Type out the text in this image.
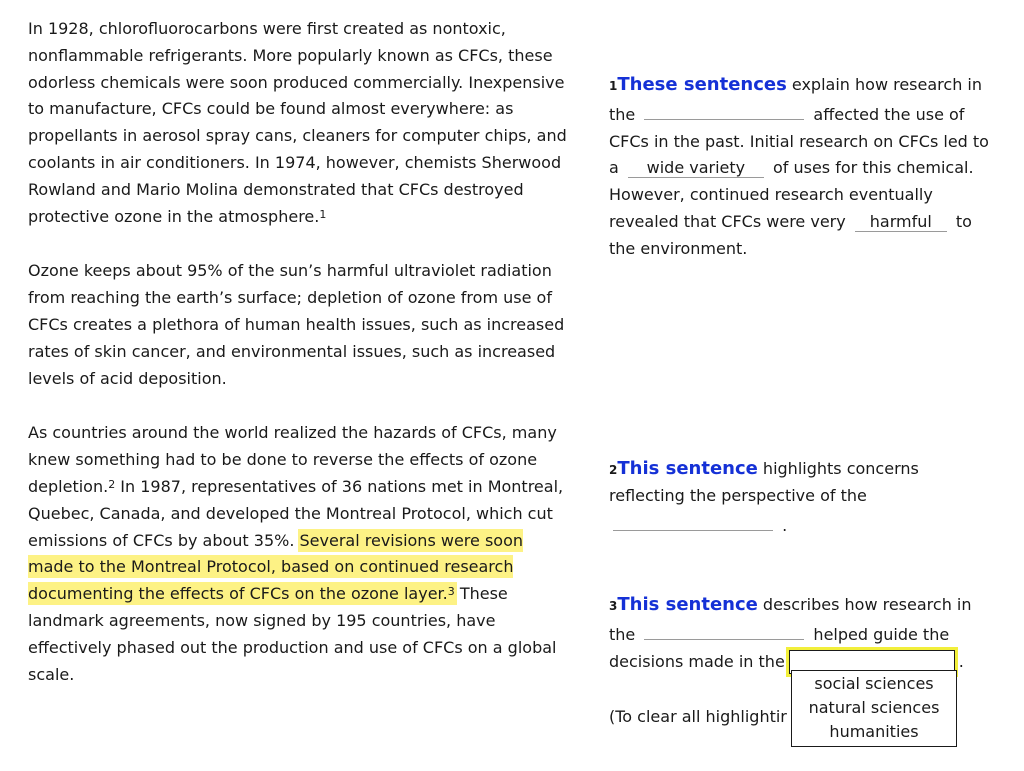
In 1928, chlorofluorocarbons were first created as nontoxic, nonflammable refrigerants. More popularly known as CFCs, these odorless chemicals were soon produced commercially. Inexpensive to manufacture, CFCs could be found almost everywhere: as propellants in aerosol spray cans, cleaners for computer chips, and coolants in air conditioners. In 1974, however, chemists Sherwood Rowland and Mario Molina demonstrated that CFCs destroyed protective ozone in the atmosphere.$^1$

Ozone keeps about 95% of the sun’s harmful ultraviolet radiation from reaching the earth’s surface; depletion of ozone from use of CFCs creates a plethora of human health issues, such as increased rates of skin cancer, and environmental issues, such as increased levels of acid deposition.

As countries around the world realized the hazards of CFCs, many knew something had to be done to reverse the effects of ozone depletion.$^2$ In 1987, representatives of 36 nations met in Montreal, Quebec, Canada, and developed the Montreal Protocol, which cut emissions of CFCs by about 35%. Several revisions were soon made to the Montreal Protocol, based on continued research documenting the effects of CFCs on the ozone layer.$^3$ These landmark agreements, now signed by 195 countries, have effectively phased out the production and use of CFCs on a global scale.

$^1$These sentences explain how research in the	affected the use of CFCs in the past. Initial research on CFCs led to a wide variety of uses for this chemical. However, continued research eventually revealed that CFCs were very harmful to the environment.
$^2$This sentence highlights concerns reflecting the perspective of the
.
$^3$This sentence describes how research in the	helped guide the decisions made in the	.
(To clear all highlightir
social sciences
natural sciences
humanities
